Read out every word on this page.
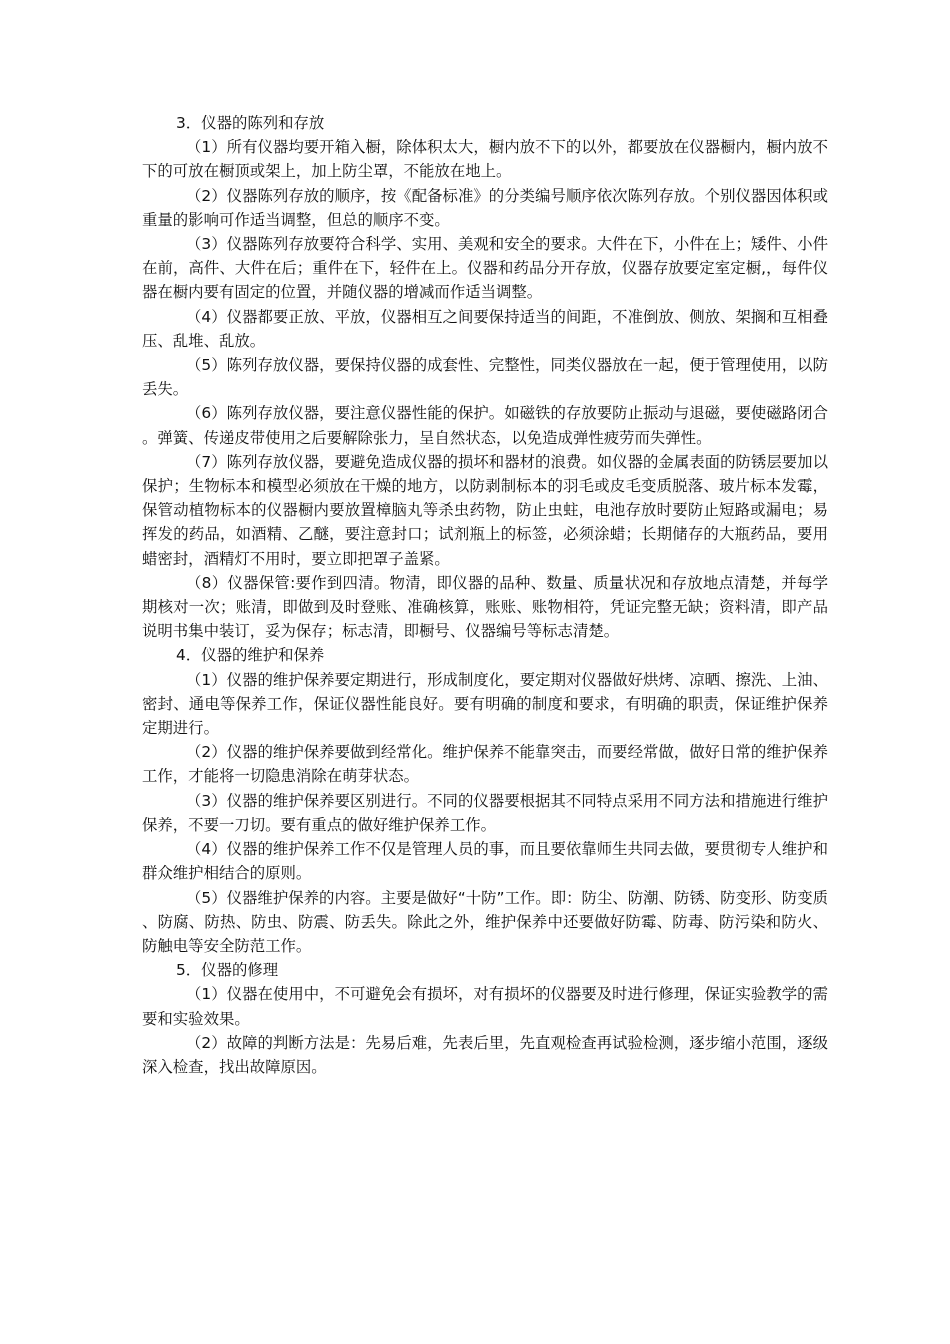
3．仪器的陈列和存放

（1）所有仪器均要开箱入橱，除体积太大，橱内放不下的以外，都要放在仪器橱内，橱内放不下的可放在橱顶或架上，加上防尘罩，不能放在地上。

（2）仪器陈列存放的顺序，按《配备标准》的分类编号顺序依次陈列存放。个别仪器因体积或重量的影响可作适当调整，但总的顺序不变。

（3）仪器陈列存放要符合科学、实用、美观和安全的要求。大件在下，小件在上；矮件、小件在前，高件、大件在后；重件在下，轻件在上。仪器和药品分开存放，仪器存放要定室定橱,，每件仪器在橱内要有固定的位置，并随仪器的增减而作适当调整。

（4）仪器都要正放、平放，仪器相互之间要保持适当的间距，不准倒放、侧放、架搁和互相叠压、乱堆、乱放。

（5）陈列存放仪器，要保持仪器的成套性、完整性，同类仪器放在一起，便于管理使用，以防丢失。

（6）陈列存放仪器，要注意仪器性能的保护。如磁铁的存放要防止振动与退磁，要使磁路闭合。弹簧、传递皮带使用之后要解除张力，呈自然状态，以免造成弹性疲劳而失弹性。

（7）陈列存放仪器，要避免造成仪器的损坏和器材的浪费。如仪器的金属表面的防锈层要加以保护；生物标本和模型必须放在干燥的地方，以防剥制标本的羽毛或皮毛变质脱落、玻片标本发霉，保管动植物标本的仪器橱内要放置樟脑丸等杀虫药物，防止虫蛀，电池存放时要防止短路或漏电；易挥发的药品，如酒精、乙醚，要注意封口；试剂瓶上的标签，必须涂蜡；长期储存的大瓶药品，要用蜡密封，酒精灯不用时，要立即把罩子盖紧。

（8）仪器保管:要作到四清。物清，即仪器的品种、数量、质量状况和存放地点清楚，并每学期核对一次；账清，即做到及时登账、准确核算，账账、账物相符，凭证完整无缺；资料清，即产品说明书集中装订，妥为保存；标志清，即橱号、仪器编号等标志清楚。

4．仪器的维护和保养

（1）仪器的维护保养要定期进行，形成制度化，要定期对仪器做好烘烤、凉晒、擦洗、上油、密封、通电等保养工作，保证仪器性能良好。要有明确的制度和要求，有明确的职责，保证维护保养定期进行。

（2）仪器的维护保养要做到经常化。维护保养不能靠突击，而要经常做，做好日常的维护保养工作，才能将一切隐患消除在萌芽状态。

（3）仪器的维护保养要区别进行。不同的仪器要根据其不同特点采用不同方法和措施进行维护保养，不要一刀切。要有重点的做好维护保养工作。

（4）仪器的维护保养工作不仅是管理人员的事，而且要依靠师生共同去做，要贯彻专人维护和群众维护相结合的原则。

（5）仪器维护保养的内容。主要是做好“十防”工作。即：防尘、防潮、防锈、防变形、防变质、防腐、防热、防虫、防震、防丢失。除此之外，维护保养中还要做好防霉、防毒、防污染和防火、防触电等安全防范工作。

5．仪器的修理

（1）仪器在使用中，不可避免会有损坏，对有损坏的仪器要及时进行修理，保证实验教学的需要和实验效果。

（2）故障的判断方法是：先易后难，先表后里，先直观检查再试验检测，逐步缩小范围，逐级深入检查，找出故障原因。
